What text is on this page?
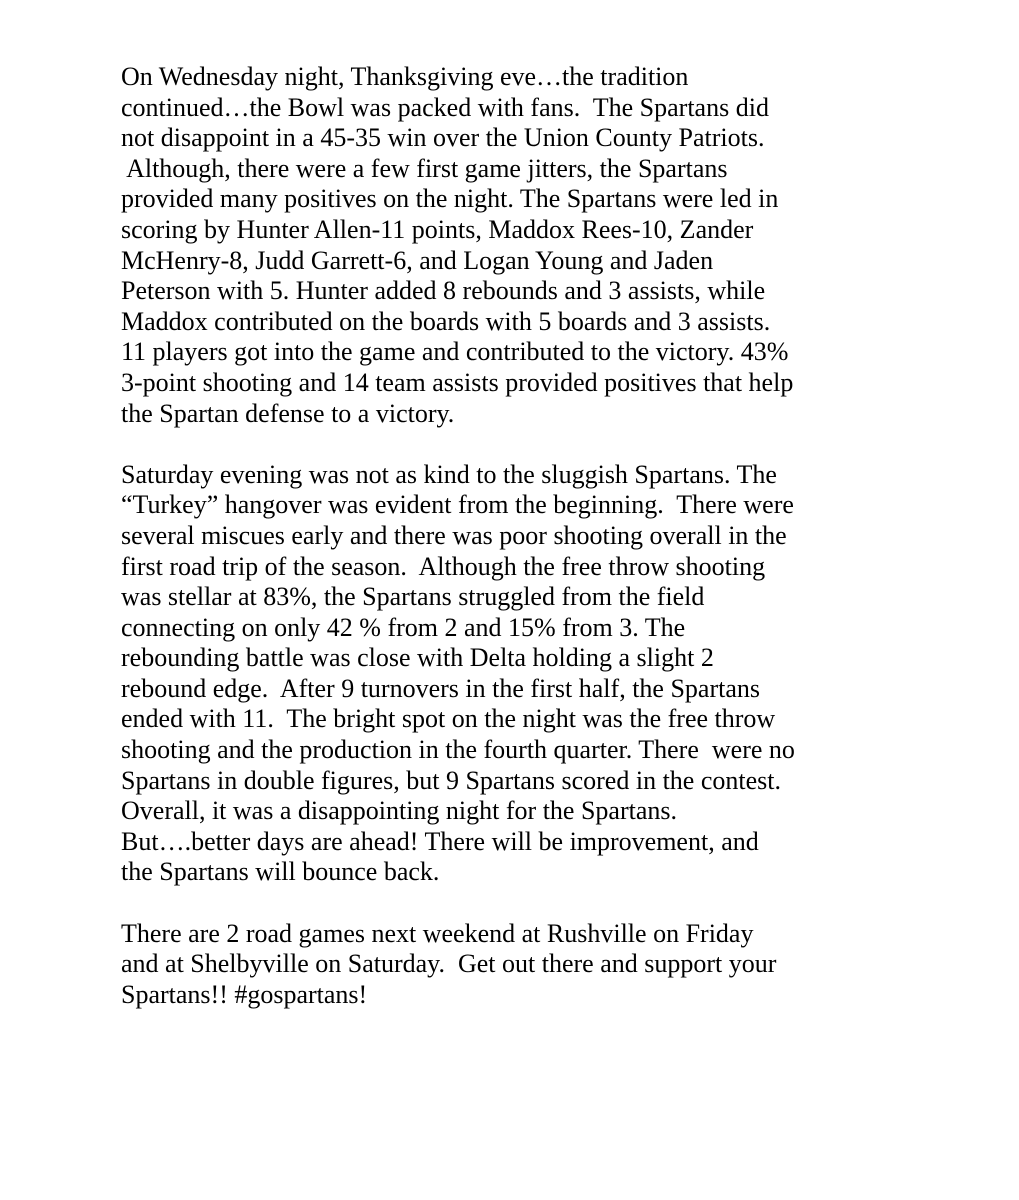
On Wednesday night, Thanksgiving eve…the tradition
continued…the Bowl was packed with fans.  The Spartans did
not disappoint in a 45-35 win over the Union County Patriots.
Although, there were a few first game jitters, the Spartans
provided many positives on the night. The Spartans were led in
scoring by Hunter Allen-11 points, Maddox Rees-10, Zander
McHenry-8, Judd Garrett-6, and Logan Young and Jaden
Peterson with 5. Hunter added 8 rebounds and 3 assists, while
Maddox contributed on the boards with 5 boards and 3 assists.
11 players got into the game and contributed to the victory. 43%
3-point shooting and 14 team assists provided positives that help
the Spartan defense to a victory.
Saturday evening was not as kind to the sluggish Spartans. The
“Turkey” hangover was evident from the beginning.  There were
several miscues early and there was poor shooting overall in the
first road trip of the season.  Although the free throw shooting
was stellar at 83%, the Spartans struggled from the field
connecting on only 42 % from 2 and 15% from 3. The
rebounding battle was close with Delta holding a slight 2
rebound edge.  After 9 turnovers in the first half, the Spartans
ended with 11.  The bright spot on the night was the free throw
shooting and the production in the fourth quarter. There  were no
Spartans in double figures, but 9 Spartans scored in the contest.
Overall, it was a disappointing night for the Spartans.
But….better days are ahead! There will be improvement, and
the Spartans will bounce back.
There are 2 road games next weekend at Rushville on Friday
and at Shelbyville on Saturday.  Get out there and support your
Spartans!! #gospartans!
